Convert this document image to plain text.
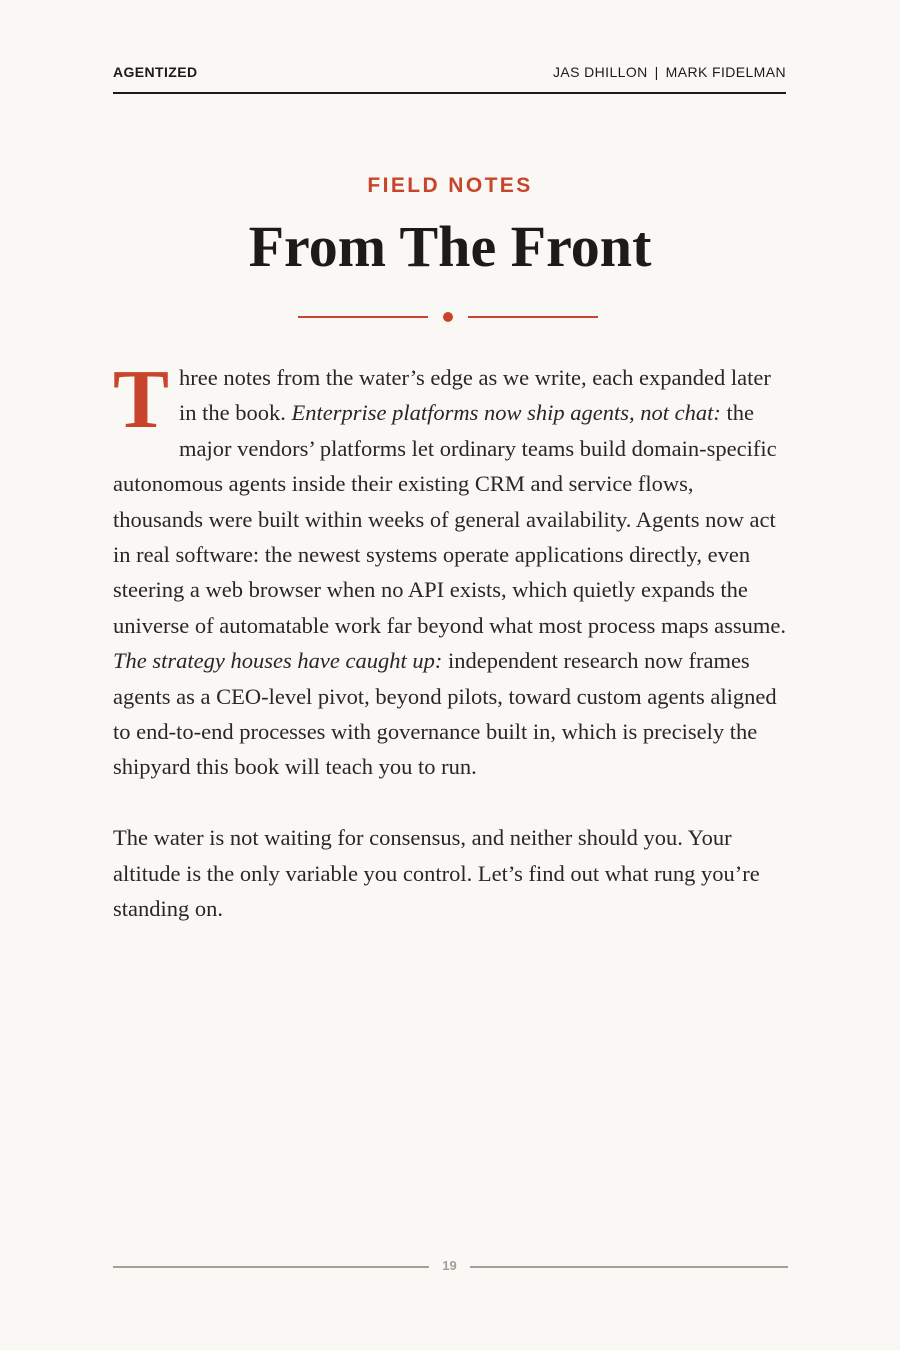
AGENTIZED	JAS DHILLON | MARK FIDELMAN
FIELD NOTES
From The Front

Three notes from the water’s edge as we write, each expanded later in the book. Enterprise platforms now ship agents, not chat: the major vendors’ platforms let ordinary teams build domain-specific autonomous agents inside their existing CRM and service flows, thousands were built within weeks of general availability. Agents now act in real software: the newest systems operate applications directly, even steering a web browser when no API exists, which quietly expands the universe of automatable work far beyond what most process maps assume. The strategy houses have caught up: independent research now frames agents as a CEO-level pivot, beyond pilots, toward custom agents aligned to end-to-end processes with governance built in, which is precisely the shipyard this book will teach you to run.

The water is not waiting for consensus, and neither should you. Your altitude is the only variable you control. Let’s find out what rung you’re standing on.

19
